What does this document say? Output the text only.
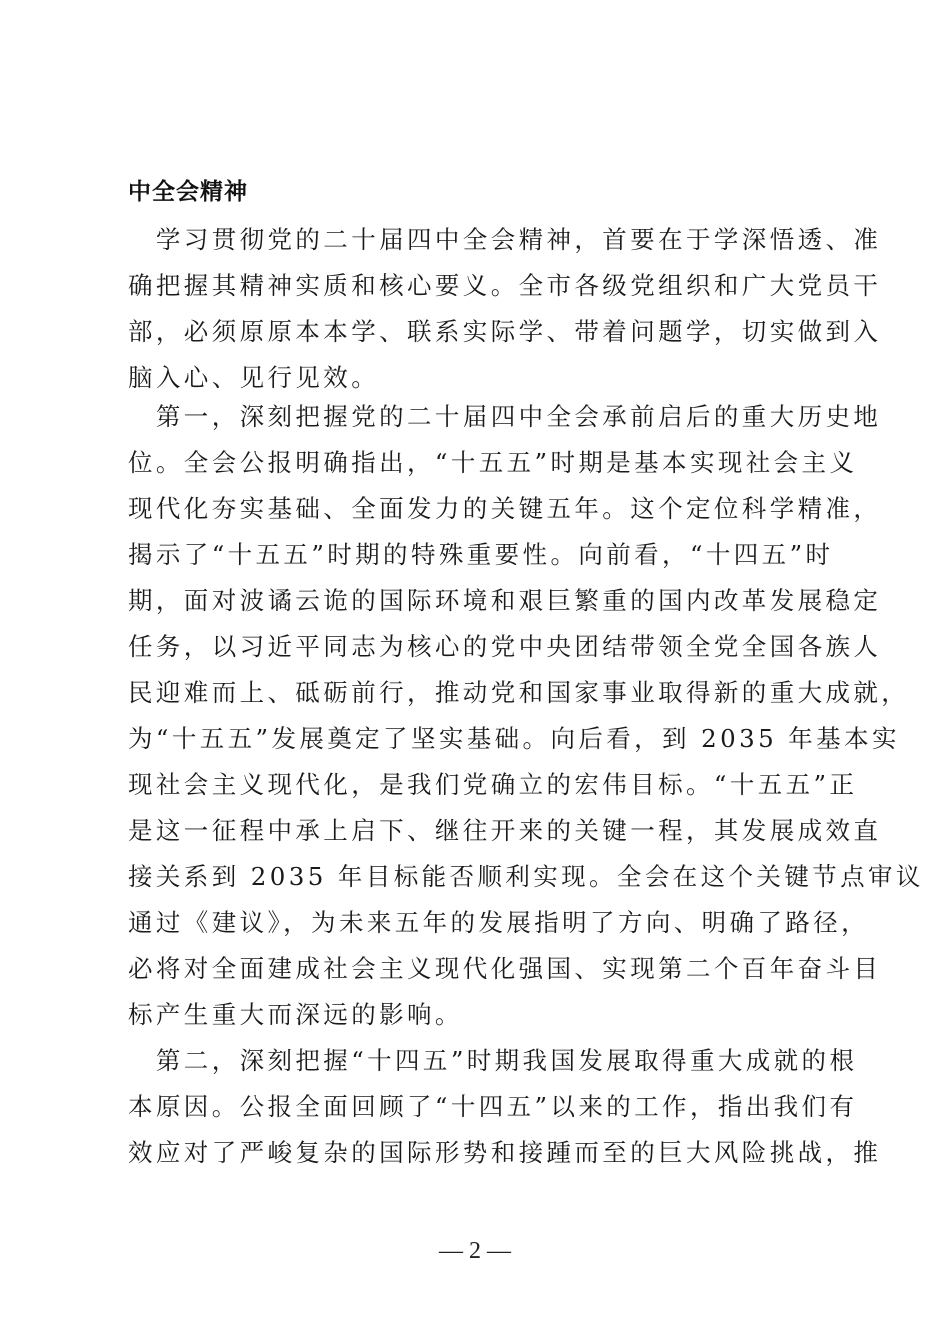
中全会精神
　学习贯彻党的二十届四中全会精神，首要在于学深悟透、准
确把握其精神实质和核心要义。全市各级党组织和广大党员干
部，必须原原本本学、联系实际学、带着问题学，切实做到入
脑入心、见行见效。
　第一，深刻把握党的二十届四中全会承前启后的重大历史地
位。全会公报明确指出，“十五五”时期是基本实现社会主义
现代化夯实基础、全面发力的关键五年。这个定位科学精准，
揭示了“十五五”时期的特殊重要性。向前看，“十四五”时
期，面对波谲云诡的国际环境和艰巨繁重的国内改革发展稳定
任务，以习近平同志为核心的党中央团结带领全党全国各族人
民迎难而上、砥砺前行，推动党和国家事业取得新的重大成就，
为“十五五”发展奠定了坚实基础。向后看，到 2035 年基本实
现社会主义现代化，是我们党确立的宏伟目标。“十五五”正
是这一征程中承上启下、继往开来的关键一程，其发展成效直
接关系到 2035 年目标能否顺利实现。全会在这个关键节点审议
通过《建议》，为未来五年的发展指明了方向、明确了路径，
必将对全面建成社会主义现代化强国、实现第二个百年奋斗目
标产生重大而深远的影响。
　第二，深刻把握“十四五”时期我国发展取得重大成就的根
本原因。公报全面回顾了“十四五”以来的工作，指出我们有
效应对了严峻复杂的国际形势和接踵而至的巨大风险挑战，推
— 2 —
